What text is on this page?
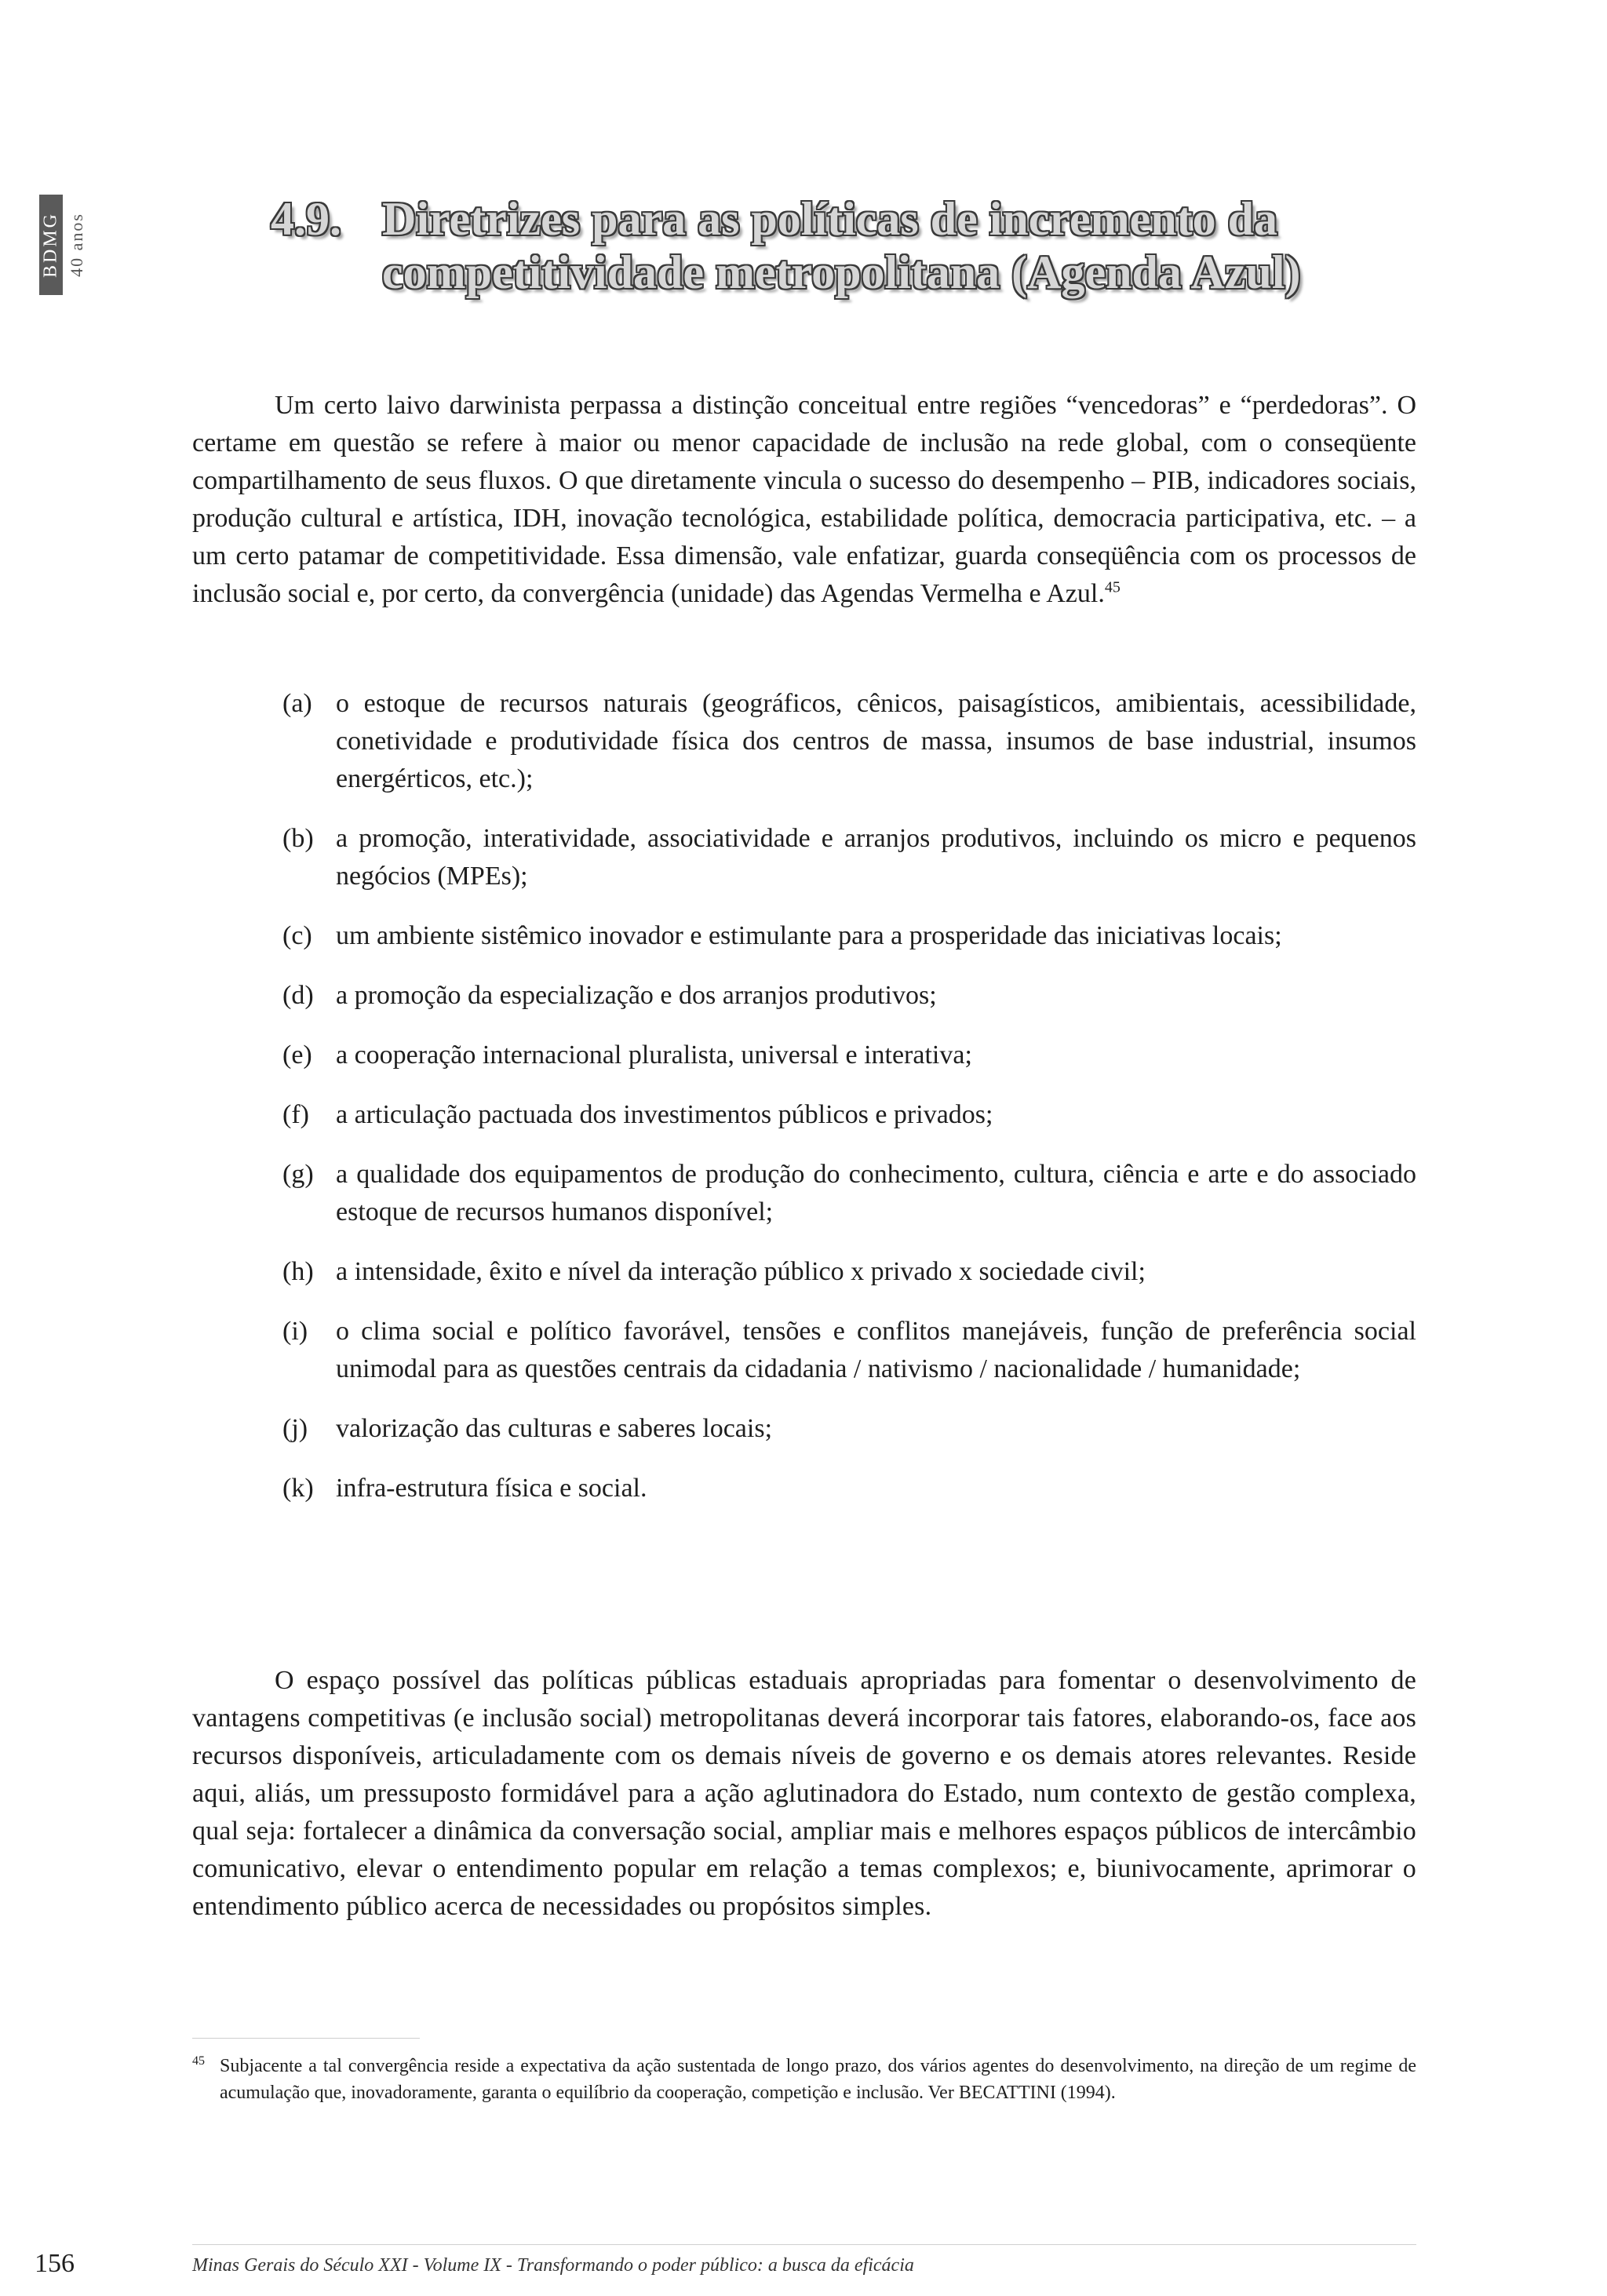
BDMG 40 anos	4.9. Diretrizes para as políticas de incremento da
competitividade metropolitana (Agenda Azul)

Um certo laivo darwinista perpassa a distinção conceitual entre regiões “vencedoras” e “perdedoras”. O certame em questão se refere à maior ou menor capacidade de inclusão na rede global, com o conseqüente compartilhamento de seus fluxos. O que diretamente vincula o sucesso do desempenho – PIB, indicadores sociais, produção cultural e artística, IDH, inovação tecnológica, estabilidade política, democracia participativa, etc. – a um certo patamar de competitividade. Essa dimensão, vale enfatizar, guarda conseqüência com os processos de inclusão social e, por certo, da convergência (unidade) das Agendas Vermelha e Azul.$^{45}$

(a) o estoque de recursos naturais (geográficos, cênicos, paisagísticos, amibientais, acessibilidade, conetividade e produtividade física dos centros de massa, insumos de base industrial, insumos energérticos, etc.);
(b) a promoção, interatividade, associatividade e arranjos produtivos, incluindo os micro e pequenos negócios (MPEs);
(c) um ambiente sistêmico inovador e estimulante para a prosperidade das iniciativas locais;
(d) a promoção da especialização e dos arranjos produtivos;
(e) a cooperação internacional pluralista, universal e interativa;
(f) a articulação pactuada dos investimentos públicos e privados;
(g) a qualidade dos equipamentos de produção do conhecimento, cultura, ciência e arte e do associado estoque de recursos humanos disponível;
(h) a intensidade, êxito e nível da interação público x privado x sociedade civil;
(i) o clima social e político favorável, tensões e conflitos manejáveis, função de preferência social unimodal para as questões centrais da cidadania / nativismo / nacionalidade / humanidade;
(j) valorização das culturas e saberes locais;
(k) infra-estrutura física e social.

O espaço possível das políticas públicas estaduais apropriadas para fomentar o desenvolvimento de vantagens competitivas (e inclusão social) metropolitanas deverá incorporar tais fatores, elaborando-os, face aos recursos disponíveis, articuladamente com os demais níveis de governo e os demais atores relevantes. Reside aqui, aliás, um pressuposto formidável para a ação aglutinadora do Estado, num contexto de gestão complexa, qual seja: fortalecer a dinâmica da conversação social, ampliar mais e melhores espaços públicos de intercâmbio comunicativo, elevar o entendimento popular em relação a temas complexos; e, biunivocamente, aprimorar o entendimento público acerca de necessidades ou propósitos simples.

45 Subjacente a tal convergência reside a expectativa da ação sustentada de longo prazo, dos vários agentes do desenvolvimento, na direção de um regime de acumulação que, inovadoramente, garanta o equilíbrio da cooperação, competição e inclusão. Ver BECATTINI (1994).

156	Minas Gerais do Século XXI - Volume IX - Transformando o poder público: a busca da eficácia
